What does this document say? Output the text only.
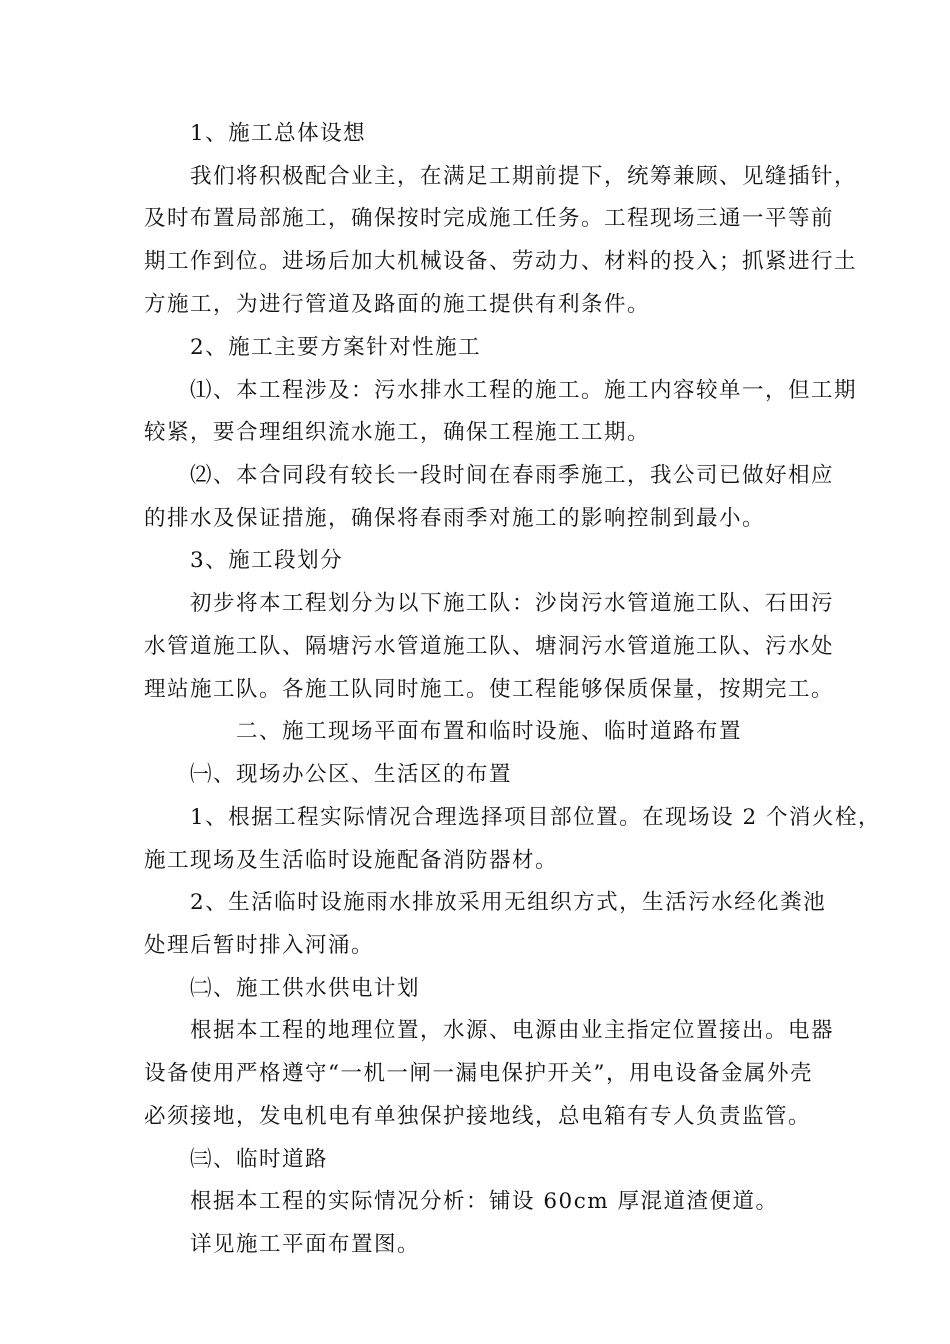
1、施工总体设想
我们将积极配合业主，在满足工期前提下，统筹兼顾、见缝插针，
及时布置局部施工，确保按时完成施工任务。工程现场三通一平等前
期工作到位。进场后加大机械设备、劳动力、材料的投入；抓紧进行土
方施工，为进行管道及路面的施工提供有利条件。
2、施工主要方案针对性施工
⑴、本工程涉及：污水排水工程的施工。施工内容较单一，但工期
较紧，要合理组织流水施工，确保工程施工工期。
⑵、本合同段有较长一段时间在春雨季施工，我公司已做好相应
的排水及保证措施，确保将春雨季对施工的影响控制到最小。
3、施工段划分
初步将本工程划分为以下施工队：沙岗污水管道施工队、石田污
水管道施工队、隔塘污水管道施工队、塘洞污水管道施工队、污水处
理站施工队。各施工队同时施工。使工程能够保质保量，按期完工。
二、施工现场平面布置和临时设施、临时道路布置
㈠、现场办公区、生活区的布置
1、根据工程实际情况合理选择项目部位置。在现场设 2 个消火栓，
施工现场及生活临时设施配备消防器材。
2、生活临时设施雨水排放采用无组织方式，生活污水经化粪池
处理后暂时排入河涌。
㈡、施工供水供电计划
根据本工程的地理位置，水源、电源由业主指定位置接出。电器
设备使用严格遵守“一机一闸一漏电保护开关”，用电设备金属外壳
必须接地，发电机电有单独保护接地线，总电箱有专人负责监管。
㈢、临时道路
根据本工程的实际情况分析：铺设 60cm 厚混道渣便道。
详见施工平面布置图。
